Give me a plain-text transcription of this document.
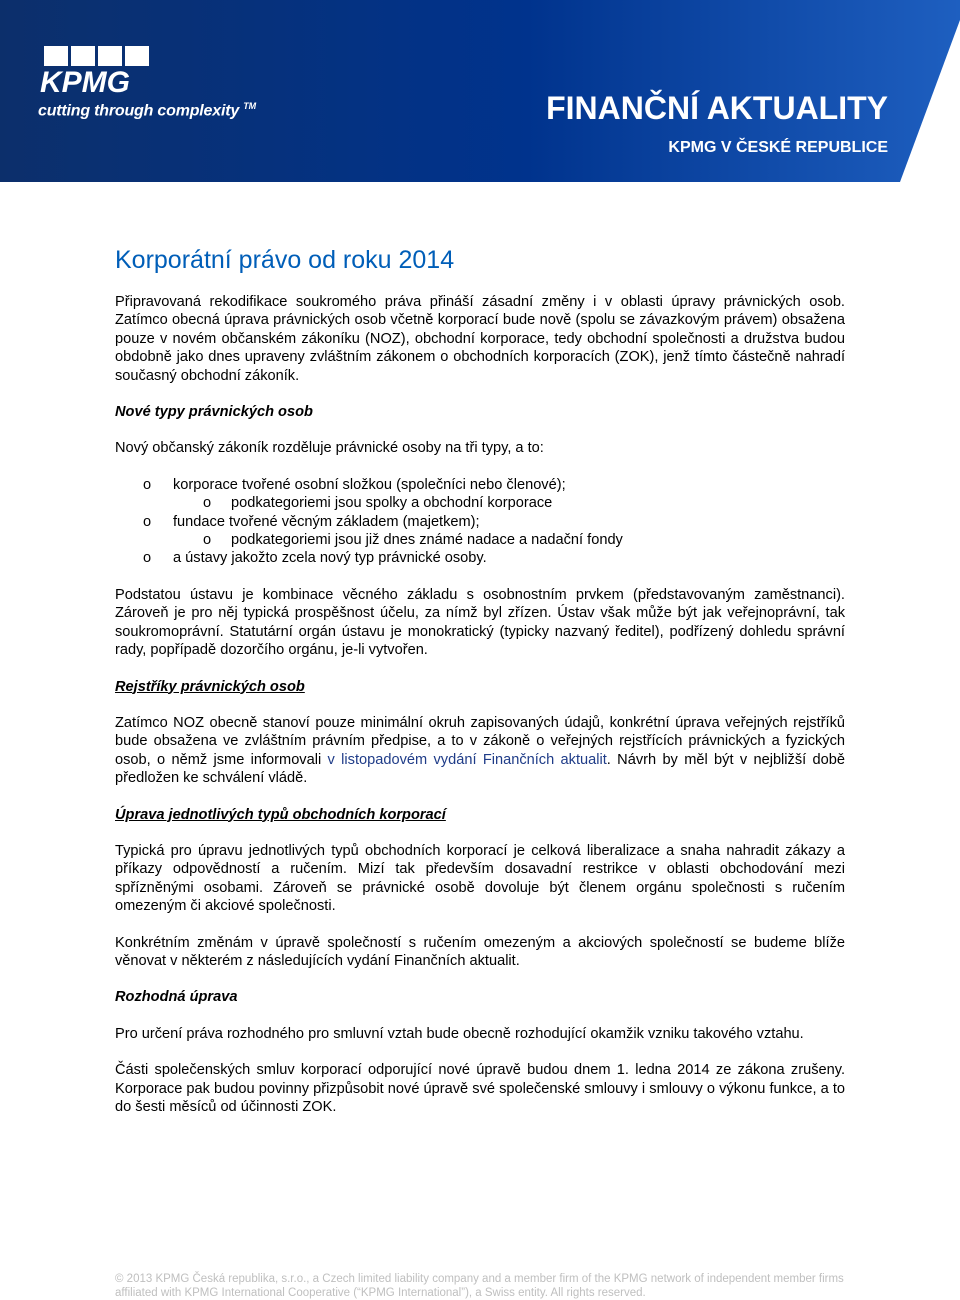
KPMG
cutting through complexity ™	FINANČNÍ AKTUALITY
KPMG V ČESKÉ REPUBLICE
Korporátní právo od roku 2014

Připravovaná rekodifikace soukromého práva přináší zásadní změny i v oblasti úpravy právnických osob. Zatímco obecná úprava právnických osob včetně korporací bude nově (spolu se závazkovým právem) obsažena pouze v novém občanském zákoníku (NOZ), obchodní korporace, tedy obchodní společnosti a družstva budou obdobně jako dnes upraveny zvláštním zákonem o obchodních korporacích (ZOK), jenž tímto částečně nahradí současný obchodní zákoník.

Nové typy právnických osob

Nový občanský zákoník rozděluje právnické osoby na tři typy, a to:

o korporace tvořené osobní složkou (společníci nebo členové);
o podkategoriemi jsou spolky a obchodní korporace
o fundace tvořené věcným základem (majetkem);
o podkategoriemi jsou již dnes známé nadace a nadační fondy
o a ústavy jakožto zcela nový typ právnické osoby.

Podstatou ústavu je kombinace věcného základu s osobnostním prvkem (představovaným zaměstnanci). Zároveň je pro něj typická prospěšnost účelu, za nímž byl zřízen. Ústav však může být jak veřejnoprávní, tak soukromoprávní. Statutární orgán ústavu je monokratický (typicky nazvaný ředitel), podřízený dohledu správní rady, popřípadě dozorčího orgánu, je-li vytvořen.

Rejstříky právnických osob

Zatímco NOZ obecně stanoví pouze minimální okruh zapisovaných údajů, konkrétní úprava veřejných rejstříků bude obsažena ve zvláštním právním předpise, a to v zákoně o veřejných rejstřících právnických a fyzických osob, o němž jsme informovali v listopadovém vydání Finančních aktualit. Návrh by měl být v nejbližší době předložen ke schválení vládě.

Úprava jednotlivých typů obchodních korporací

Typická pro úpravu jednotlivých typů obchodních korporací je celková liberalizace a snaha nahradit zákazy a příkazy odpovědností a ručením. Mizí tak především dosavadní restrikce v oblasti obchodování mezi spřízněnými osobami. Zároveň se právnické osobě dovoluje být členem orgánu společnosti s ručením omezeným či akciové společnosti.

Konkrétním změnám v úpravě společností s ručením omezeným a akciových společností se budeme blíže věnovat v některém z následujících vydání Finančních aktualit.

Rozhodná úprava

Pro určení práva rozhodného pro smluvní vztah bude obecně rozhodující okamžik vzniku takového vztahu.

Části společenských smluv korporací odporující nové úpravě budou dnem 1. ledna 2014 ze zákona zrušeny. Korporace pak budou povinny přizpůsobit nové úpravě své společenské smlouvy i smlouvy o výkonu funkce, a to do šesti měsíců od účinnosti ZOK.

© 2013 KPMG Česká republika, s.r.o., a Czech limited liability company and a member firm of the KPMG network of independent member firms affiliated with KPMG International Cooperative (“KPMG International”), a Swiss entity. All rights reserved.
